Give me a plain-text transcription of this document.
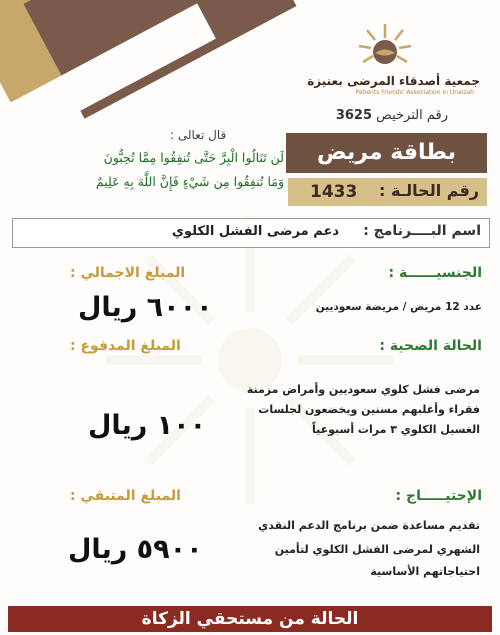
جمعية أصدقاء المرضى بعنيزة
Patients Friends' Association in Unaizah
رقم الترخيص 3625
قال تعالى :
لَن تَنَالُوا الْبِرَّ حَتَّى تُنفِقُوا مِمَّا تُحِبُّونَ
وَمَا تُنفِقُوا مِن شَيْءٍ فَإِنَّ اللَّهَ بِهِ عَلِيمٌ
بطاقة مريض
رقم الحالـة :
1433
اسم البــــرنامج :
دعم مرضى الفشل الكلوي
الجنسيــــــة :
عدد 12 مريض / مريضة سعوديين
الحالة الصحية :
مرضى فشل كلوي سعوديين وأمراض مزمنة
فقراء وأغلبهم مسنين ويخضعون لجلسات
الغسيل الكلوي ٣ مرات أسبوعياً
الإحتيـــــاج :
تقديم مساعدة ضمن برنامج الدعم النقدي
الشهري لمرضى الفشل الكلوي لتأمين
احتياجاتهم الأساسية
المبلغ الاجمالي :
٦٠٠٠ ريال
المبلغ المدفوع :
١٠٠ ريال
المبلغ المتبقي :
٥٩٠٠ ريال
الحالة من مستحقي الزكاة
